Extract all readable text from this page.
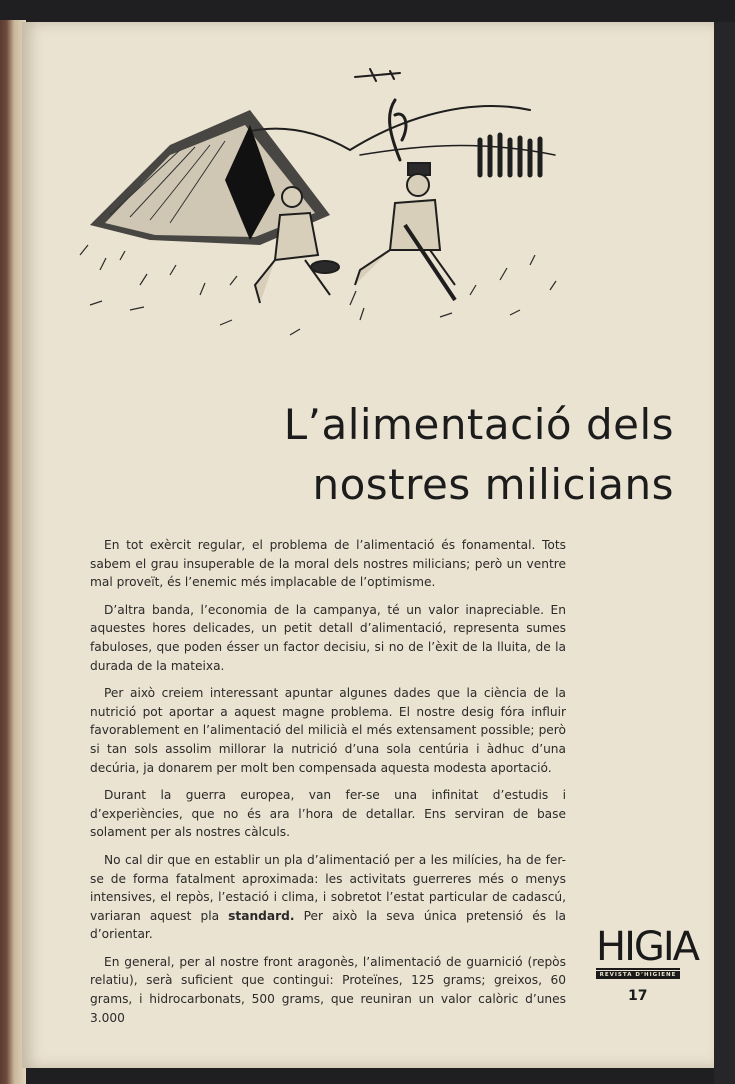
L’alimentació dels
nostres milicians

En tot exèrcit regular, el problema de l’alimentació és fonamental. Tots sabem el grau insuperable de la moral dels nostres milicians; però un ventre mal proveït, és l’enemic més implacable de l’optimisme.

D’altra banda, l’economia de la campanya, té un valor inapreciable. En aquestes hores delicades, un petit detall d’alimentació, representa sumes fabuloses, que poden ésser un factor decisiu, si no de l’èxit de la lluita, de la durada de la mateixa.

Per això creiem interessant apuntar algunes dades que la ciència de la nutrició pot aportar a aquest magne problema. El nostre desig fóra influir favorablement en l’alimentació del milicià el més extensament possible; però si tan sols assolim millorar la nutrició d’una sola centúria i àdhuc d’una decúria, ja donarem per molt ben compensada aquesta modesta aportació.

Durant la guerra europea, van fer-se una infinitat d’estudis i d’experiències, que no és ara l’hora de detallar. Ens serviran de base solament per als nostres càlculs.

No cal dir que en establir un pla d’alimentació per a les milícies, ha de fer-se de forma fatalment aproximada: les activitats guerreres més o menys intensives, el repòs, l’estació i clima, i sobretot l’estat particular de cadascú, variaran aquest pla standard. Per això la seva única pretensió és la d’orientar.

En general, per al nostre front aragonès, l’alimentació de guarnició (repòs relatiu), serà suficient que contingui: Proteïnes, 125 grams; greixos, 60 grams, i hidrocarbonats, 500 grams, que reuniran un valor calòric d’unes 3.000

HIGIA
REVISTA D’HIGIENE
17
